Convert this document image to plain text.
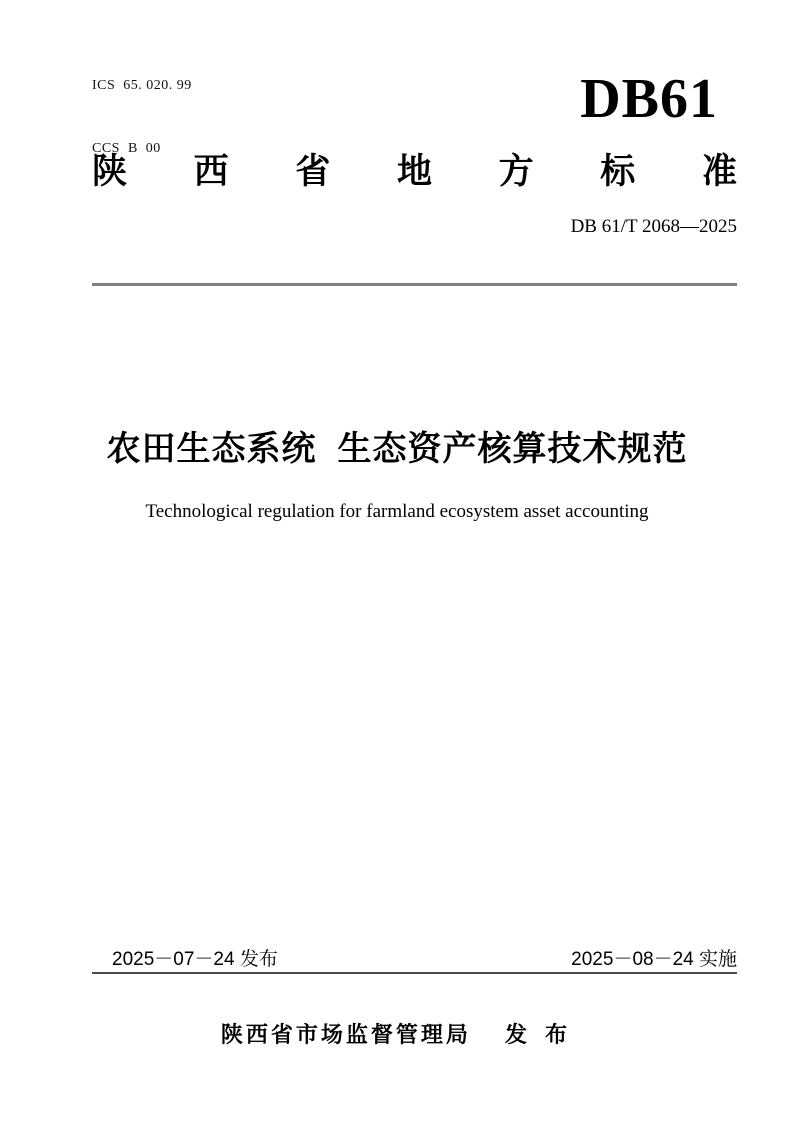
ICS  65. 020. 99

CCS  B  00

DB61
陕 西 省 地 方 标 准
DB 61/T 2068—2025
农田生态系统  生态资产核算技术规范
Technological regulation for farmland ecosystem asset accounting
2025－07－24 发布	2025－08－24 实施
陕西省市场监督管理局 发 布
